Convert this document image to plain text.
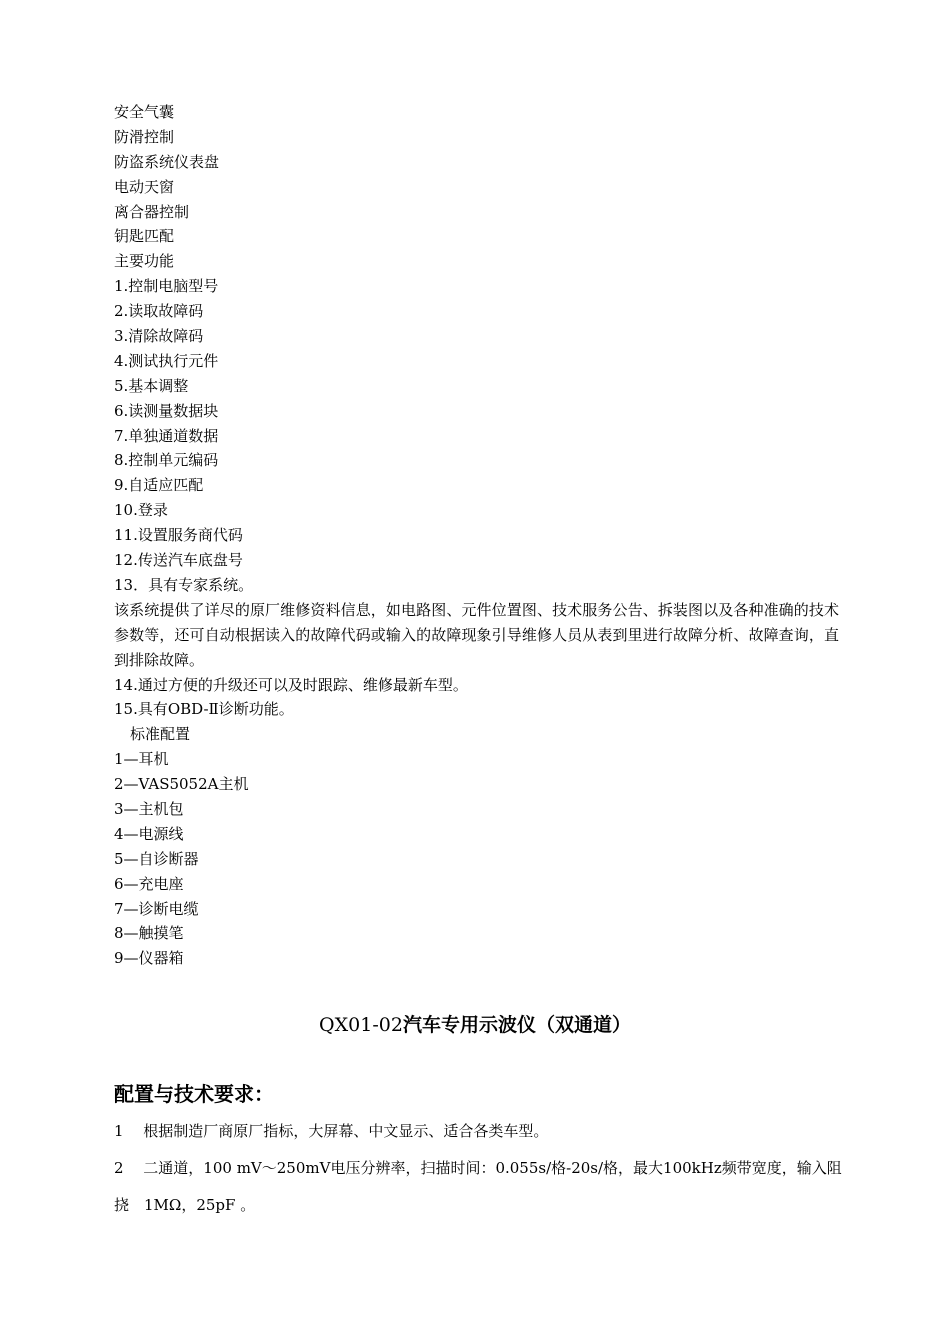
安全气囊
防滑控制
防盗系统仪表盘
电动天窗
离合器控制
钥匙匹配
主要功能
1.控制电脑型号
2.读取故障码
3.清除故障码
4.测试执行元件
5.基本调整
6.读测量数据块
7.单独通道数据
8.控制单元编码
9.自适应匹配
10.登录
11.设置服务商代码
12.传送汽车底盘号
13．具有专家系统。
该系统提供了详尽的原厂维修资料信息，如电路图、元件位置图、技术服务公告、拆装图以及各种准确的技术参数等，还可自动根据读入的故障代码或输入的故障现象引导维修人员从表到里进行故障分析、故障查询，直到排除故障。
14.通过方便的升级还可以及时跟踪、维修最新车型。
15.具有OBD-Ⅱ诊断功能。
标准配置
1—耳机
2—VAS5052A主机
3—主机包
4—电源线
5—自诊断器
6—充电座
7—诊断电缆
8—触摸笔
9—仪器箱
QX01-02汽车专用示波仪（双通道）
配置与技术要求：
1　 根据制造厂商原厂指标，大屏幕、中文显示、适合各类车型。
2　 二通道，100 mV～250mV电压分辨率，扫描时间：0.055s/格-20s/格，最大100kHz频带宽度，输入阻挠　1MΩ，25pF 。
